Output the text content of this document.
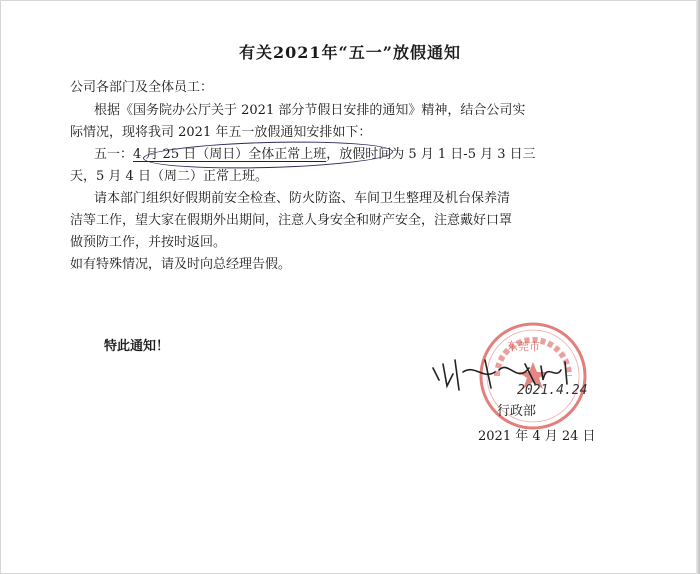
有关2021年“五一”放假通知
公司各部门及全体员工：
根据《国务院办公厅关于 2021 部分节假日安排的通知》精神，结合公司实
际情况，现将我司 2021 年五一放假通知安排如下：
五一：4 月 25 日（周日）全体正常上班，放假时间为 5 月 1 日-5 月 3 日三
天，5 月 4 日（周二）正常上班。
请本部门组织好假期前安全检查、防火防盗、车间卫生整理及机台保养清
洁等工作，望大家在假期外出期间，注意人身安全和财产安全，注意戴好口罩
做预防工作，并按时返回。
如有特殊情况，请及时向总经理告假。
特此通知！	东莞市
2021.4.24
行政部
2021 年 4 月 24 日
